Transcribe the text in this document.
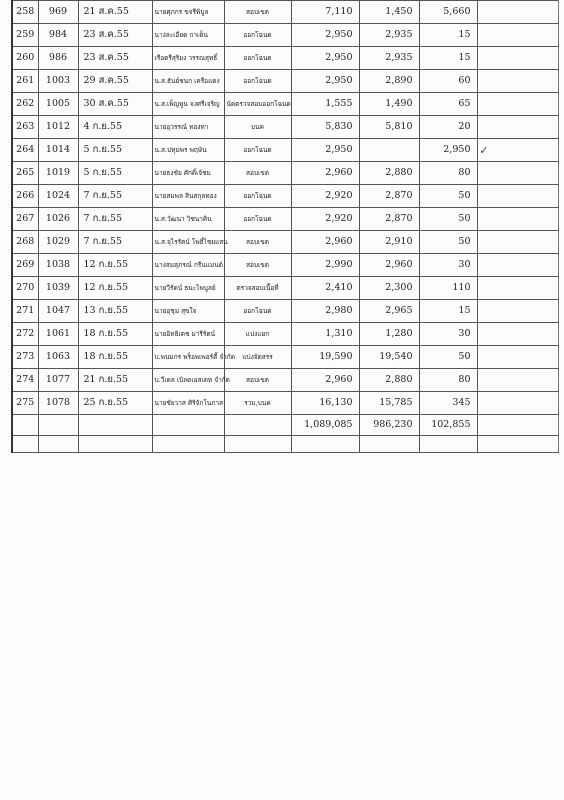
258	969	21 ส.ค.55	นายศุภกร ขจรีพิบูล	สอบเขต	7,110	1,450	5,660	
259	984	23 ส.ค.55	นางละเอียด กาเด็น	ออกโฉนด	2,950	2,935	15	
260	986	23 ส.ค.55	เรือตรีสุริยง วรรณสุทธิ์	ออกโฉนด	2,950	2,935	15	
261	1003	29 ส.ค.55	น.ส.ธันย์ชนก เครือแดง	ออกโฉนด	2,950	2,890	60	
262	1005	30 ส.ค.55	น.ส.เพ็ญพูน จงศรีเจริญ	นัดตรวจสอบออกโฉนด	1,555	1,490	65	
263	1012	4 ก.ย.55	นายอุวรรณ์ ทองทา	บนค	5,830	5,810	20	
264	1014	5 ก.ย.55	น.ส.ปทุมพร พฤษัน	ออกโฉนด	2,950		2,950 ✓	

265	1019	5 ก.ย.55	นายธงชัย ศักดิ์เจ้ชม	สอบเขต	2,960	2,880	80	
266	1024	7 ก.ย.55	นายสมพล สินสกุลทอง	ออกโฉนด	2,920	2,870	50	
267	1026	7 ก.ย.55	น.ส.วัฒนา วิชนาคิน	ออกโฉนด	2,920	2,870	50	
268	1029	7 ก.ย.55	น.ส.จุไรรัตน์ โพธิ์ไชยแสน	สอบเขต	2,960	2,910	50	
269	1038	12 ก.ย.55	นางสมสุภรณ์ กรีนแมนต์	สอบเขต	2,990	2,960	30	
270	1039	12 ก.ย.55	นายวีรัตน์ ธนะไพบูลย์	ตรวจสอบเนื้อที่	2,410	2,300	110	
271	1047	13 ก.ย.55	นายอุชุม สุขใจ	ออกโฉนด	2,980	2,965	15	
272	1061	18 ก.ย.55	นายอิทธิเดช มารีรัตน์	แบ่งแยก	1,310	1,280	30	
273	1063	18 ก.ย.55	บ.พนมกร พร็อพเพอร์ตี้ จำกัด	แบ่งจัดสรร	19,590	19,540	50	
274	1077	21 ก.ย.55	บ.วีเดล เบิลดเอสเตท จำกัด	สอบเขต	2,960	2,880	80	
275	1078	25 ก.ย.55	นายชัยวาส ศิริจักโนภาส	รวม,บนค	16,130	15,785	345	
					1,089,085	986,230	102,855	
